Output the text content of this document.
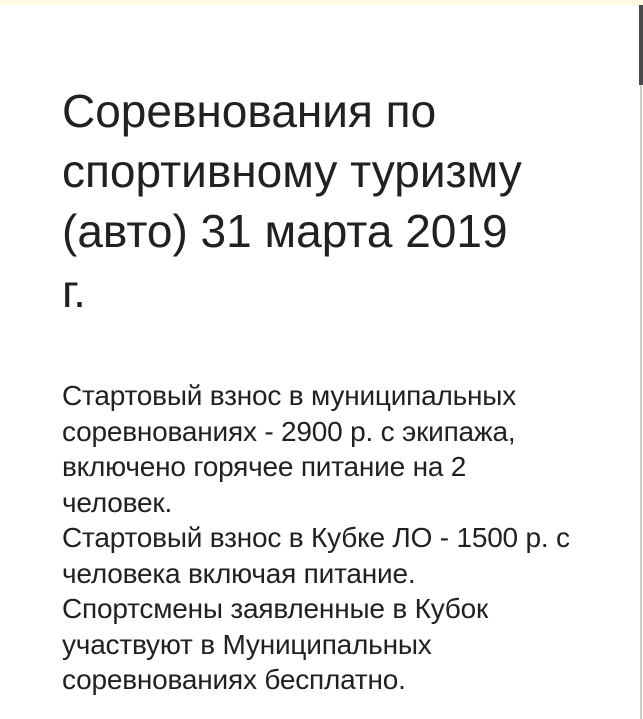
Соревнования по
спортивному туризму
(авто) 31 марта 2019
г.
Стартовый взнос в муниципальных
соревнованиях - 2900 р. с экипажа,
включено горячее питание на 2
человек.
Стартовый взнос в Кубке ЛО - 1500 р. с
человека включая питание.
Спортсмены заявленные в Кубок
участвуют в Муниципальных
соревнованиях бесплатно.
